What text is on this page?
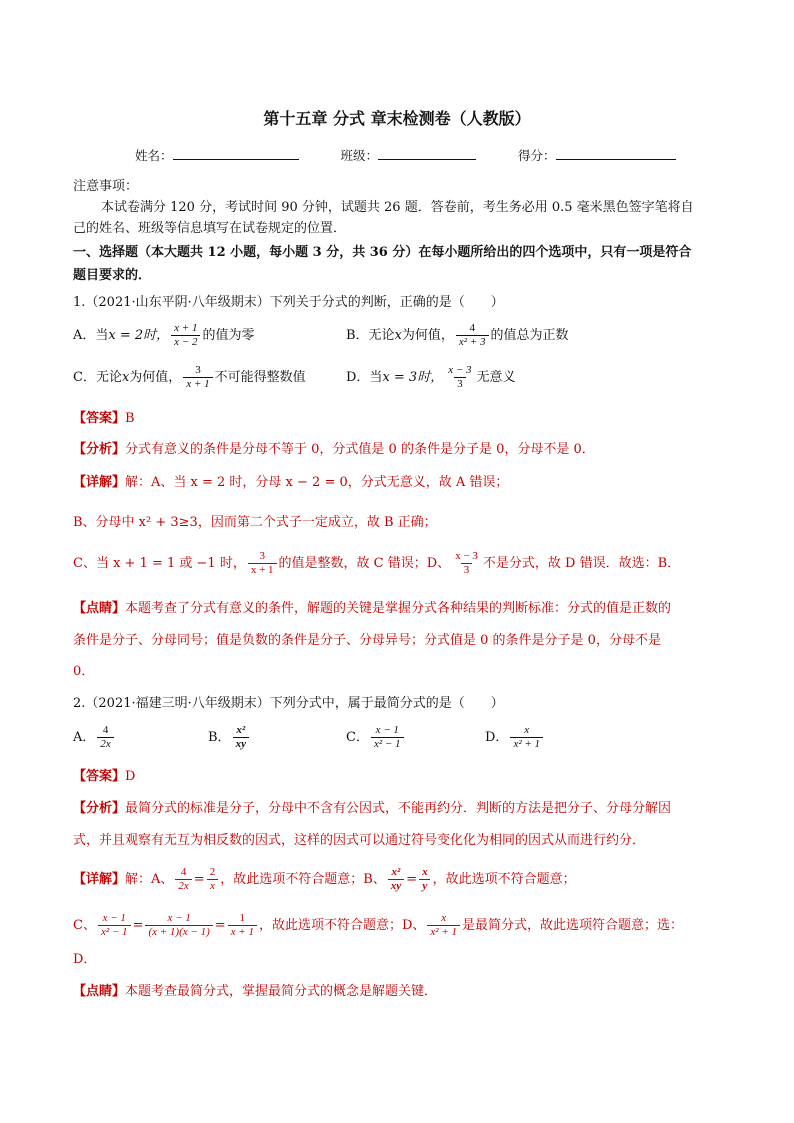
第十五章 分式 章末检测卷（人教版）
姓名：	班级：	得分：
注意事项：
本试卷满分 120 分，考试时间 90 分钟，试题共 26 题．答卷前，考生务必用 0.5 毫米黑色签字笔将自
己的姓名、班级等信息填写在试卷规定的位置．
一、选择题（本大题共 12 小题，每小题 3 分，共 36 分）在每小题所给出的四个选项中，只有一项是符合
题目要求的．
1.（2021·山东平阴·八年级期末）下列关于分式的判断，正确的是（　　）
A．当x = 2时， $\frac{x + 1}{x - 2}$ 的值为零	B．无论x为何值， $\frac{4}{\text{x² + 3}}$ 的值总为正数
C．无论x为何值， $\frac{3}{x + 1}$ 不可能得整数值	D．当x = 3时， $\frac{x - 3}{3}$ 无意义
【答案】B
【分析】分式有意义的条件是分母不等于 0，分式值是 0 的条件是分子是 0，分母不是 0．
【详解】解：A、当 x = 2 时，分母 x − 2 = 0，分式无意义，故 A 错误；
B、分母中 x² + 3≥3，因而第二个式子一定成立，故 B 正确；
C、当 x + 1 = 1 或 −1 时， $\frac{3}{x + 1}$ 的值是整数，故 C 错误；D、 $\frac{x - 3}{3}$ 不是分式，故 D 错误．故选：B．
【点睛】本题考查了分式有意义的条件，解题的关键是掌握分式各种结果的判断标准：分式的值是正数的
条件是分子、分母同号；值是负数的条件是分子、分母异号；分式值是 0 的条件是分子是 0，分母不是
0．
2.（2021·福建三明·八年级期末）下列分式中，属于最简分式的是（　　）
A． $\frac{4}{2x}$	B． $\frac{\text{x²}}{xy}$	C． $\frac{x - 1}{\text{x² − 1}}$	D． $\frac{x}{\text{x² + 1}}$
【答案】D
【分析】最简分式的标准是分子，分母中不含有公因式，不能再约分．判断的方法是把分子、分母分解因
式，并且观察有无互为相反数的因式，这样的因式可以通过符号变化化为相同的因式从而进行约分．
【详解】解：A、 $\frac{4}{2x} = \frac{2}{x}$ ，故此选项不符合题意；B、 $\frac{\text{x²}}{xy} = \frac{x}{y}$ ，故此选项不符合题意；
C、 $\frac{x - 1}{\text{x² − 1}} = \frac{x - 1}{(x + 1)(x - 1)} = \frac{1}{x + 1}$ ，故此选项不符合题意；D、 $\frac{x}{\text{x² + 1}}$ 是最简分式，故此选项符合题意；选：
D．
【点睛】本题考查最简分式，掌握最简分式的概念是解题关键．
